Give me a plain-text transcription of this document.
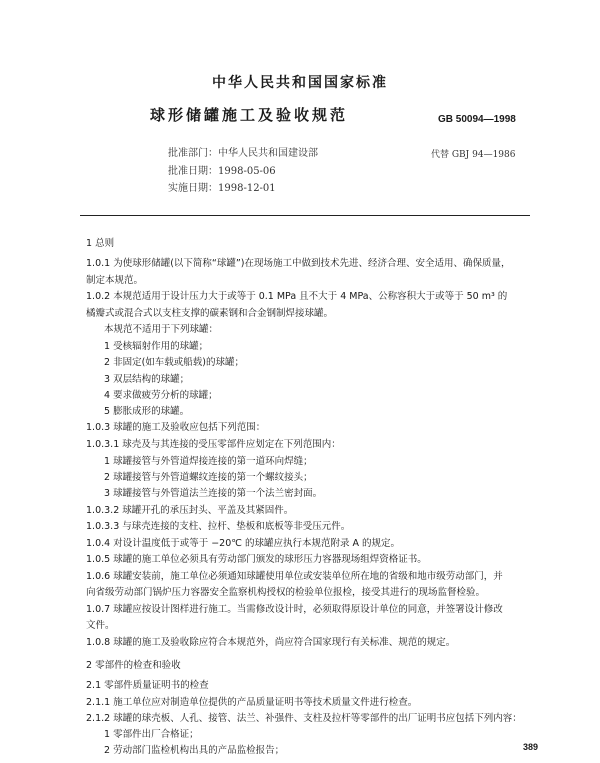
中华人民共和国国家标准
球形储罐施工及验收规范	GB 50094—1998
批准部门：中华人民共和国建设部
批准日期：1998-05-06
实施日期：1998-12-01
代替 GBJ 94—1986
1 总则
1.0.1 为使球形储罐(以下简称“球罐”)在现场施工中做到技术先进、经济合理、安全适用、确保质量，
制定本规范。
1.0.2 本规范适用于设计压力大于或等于 0.1 MPa 且不大于 4 MPa、公称容积大于或等于 50 m³ 的
橘瓣式或混合式以支柱支撑的碳素钢和合金钢制焊接球罐。
本规范不适用于下列球罐：
1 受核辐射作用的球罐；
2 非固定(如车载或船载)的球罐；
3 双层结构的球罐；
4 要求做疲劳分析的球罐；
5 膨胀成形的球罐。
1.0.3 球罐的施工及验收应包括下列范围：
1.0.3.1 球壳及与其连接的受压零部件应划定在下列范围内：
1 球罐接管与外管道焊接连接的第一道环向焊缝；
2 球罐接管与外管道螺纹连接的第一个螺纹接头；
3 球罐接管与外管道法兰连接的第一个法兰密封面。
1.0.3.2 球罐开孔的承压封头、平盖及其紧固件。
1.0.3.3 与球壳连接的支柱、拉杆、垫板和底板等非受压元件。
1.0.4 对设计温度低于或等于 −20℃ 的球罐应执行本规范附录 A 的规定。
1.0.5 球罐的施工单位必须具有劳动部门颁发的球形压力容器现场组焊资格证书。
1.0.6 球罐安装前，施工单位必须通知球罐使用单位或安装单位所在地的省级和地市级劳动部门，并
向省级劳动部门锅炉压力容器安全监察机构授权的检验单位报检，接受其进行的现场监督检验。
1.0.7 球罐应按设计图样进行施工。当需修改设计时，必须取得原设计单位的同意，并签署设计修改
文件。
1.0.8 球罐的施工及验收除应符合本规范外，尚应符合国家现行有关标准、规范的规定。
2 零部件的检查和验收
2.1 零部件质量证明书的检查
2.1.1 施工单位应对制造单位提供的产品质量证明书等技术质量文件进行检查。
2.1.2 球罐的球壳板、人孔、接管、法兰、补强件、支柱及拉杆等零部件的出厂证明书应包括下列内容：
1 零部件出厂合格证；
2 劳动部门监检机构出具的产品监检报告；	389
